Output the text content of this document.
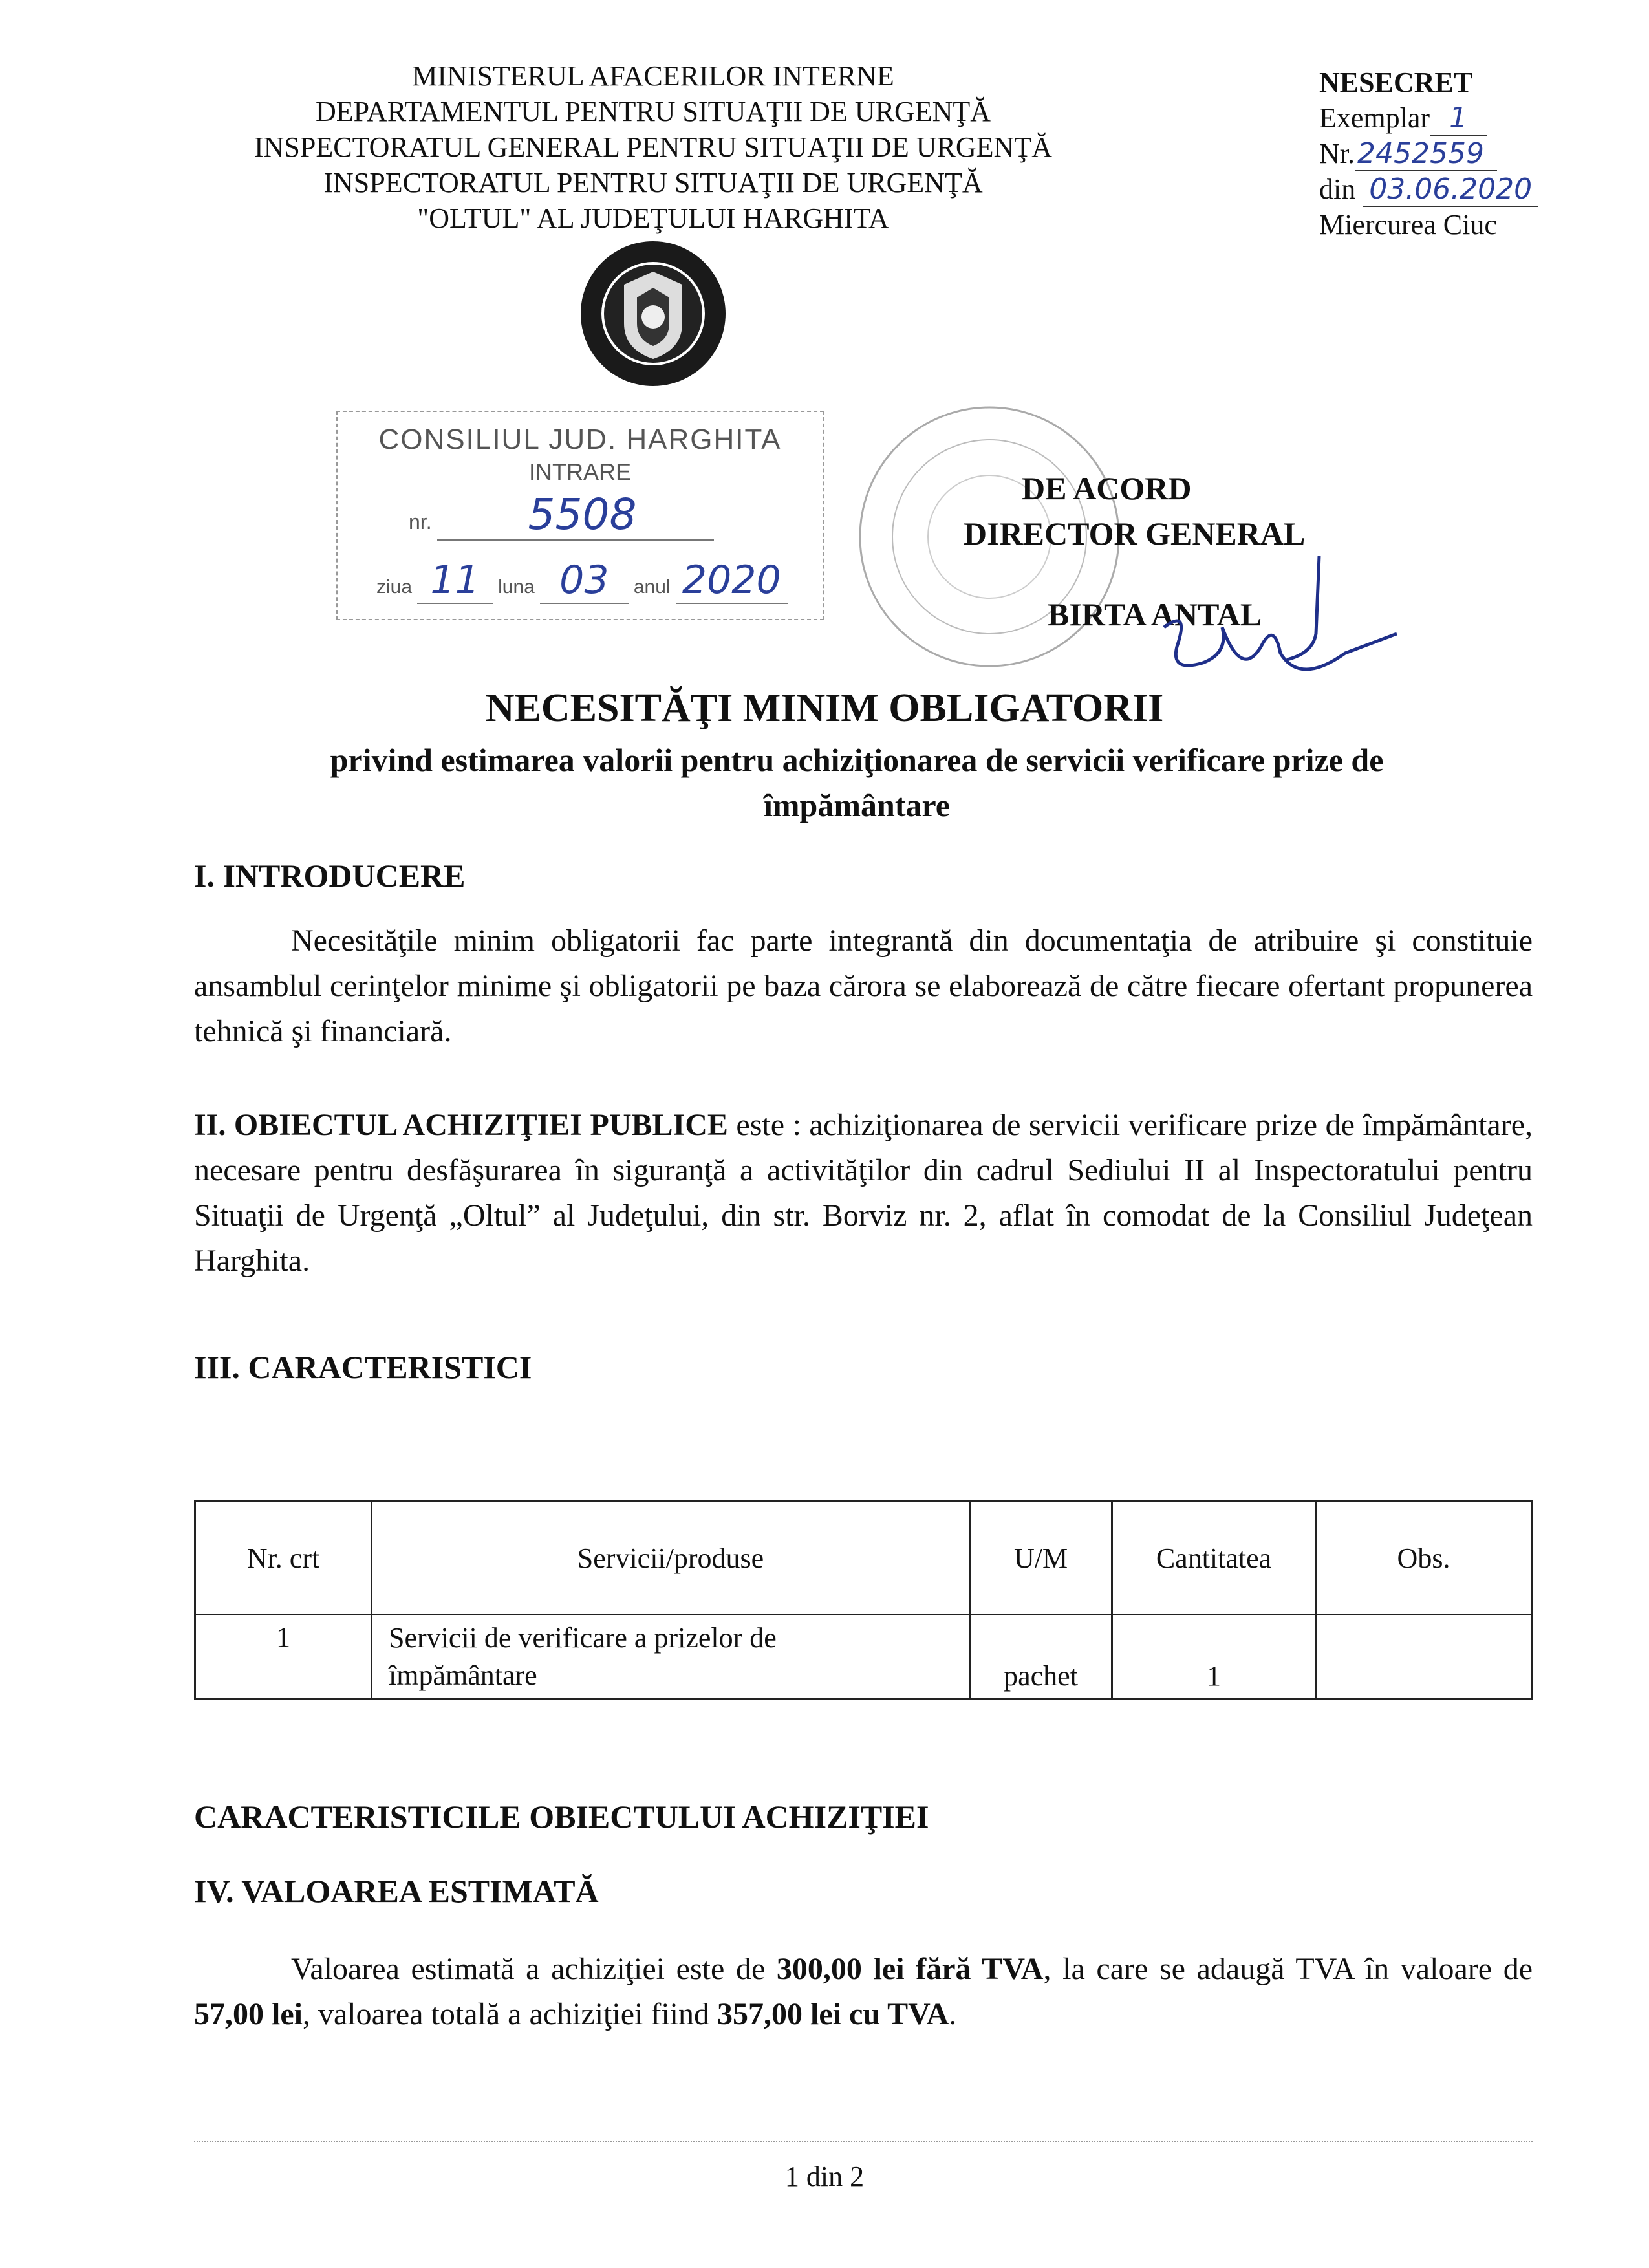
MINISTERUL AFACERILOR INTERNE
DEPARTAMENTUL PENTRU SITUAŢII DE URGENŢĂ
INSPECTORATUL GENERAL PENTRU SITUAŢII DE URGENŢĂ
INSPECTORATUL PENTRU SITUAŢII DE URGENŢĂ
"OLTUL" AL JUDEŢULUI HARGHITA
NESECRET
Exemplar 1
Nr.2452559
din 03.06.2020
Miercurea Ciuc
CONSILIUL JUD. HARGHITA
INTRARE
nr. 5508
ziua 11 luna 03 anul 2020
DE ACORD
DIRECTOR GENERAL
BIRTA ANTAL
NECESITĂŢI MINIM OBLIGATORII
privind estimarea valorii pentru achiziţionarea de servicii verificare prize de
împământare
I. INTRODUCERE
Necesităţile minim obligatorii fac parte integrantă din documentaţia de atribuire şi constituie ansamblul cerinţelor minime şi obligatorii pe baza cărora se elaborează de către fiecare ofertant propunerea tehnică şi financiară.
II. OBIECTUL ACHIZIŢIEI PUBLICE este : achiziţionarea de servicii verificare prize de împământare, necesare pentru desfăşurarea în siguranţă a activităţilor din cadrul Sediului II al Inspectoratului pentru Situaţii de Urgenţă „Oltul” al Judeţului, din str. Borviz nr. 2, aflat în comodat de la Consiliul Judeţean Harghita.
III. CARACTERISTICI
Nr. crt	Servicii/produse	U/M	Cantitatea	Obs.
1	Servicii de verificare a prizelor de împământare	pachet	1	
CARACTERISTICILE OBIECTULUI ACHIZIŢIEI
IV. VALOAREA ESTIMATĂ
Valoarea estimată a achiziţiei este de 300,00 lei fără TVA, la care se adaugă TVA în valoare de 57,00 lei, valoarea totală a achiziţiei fiind 357,00 lei cu TVA.
1 din 2
